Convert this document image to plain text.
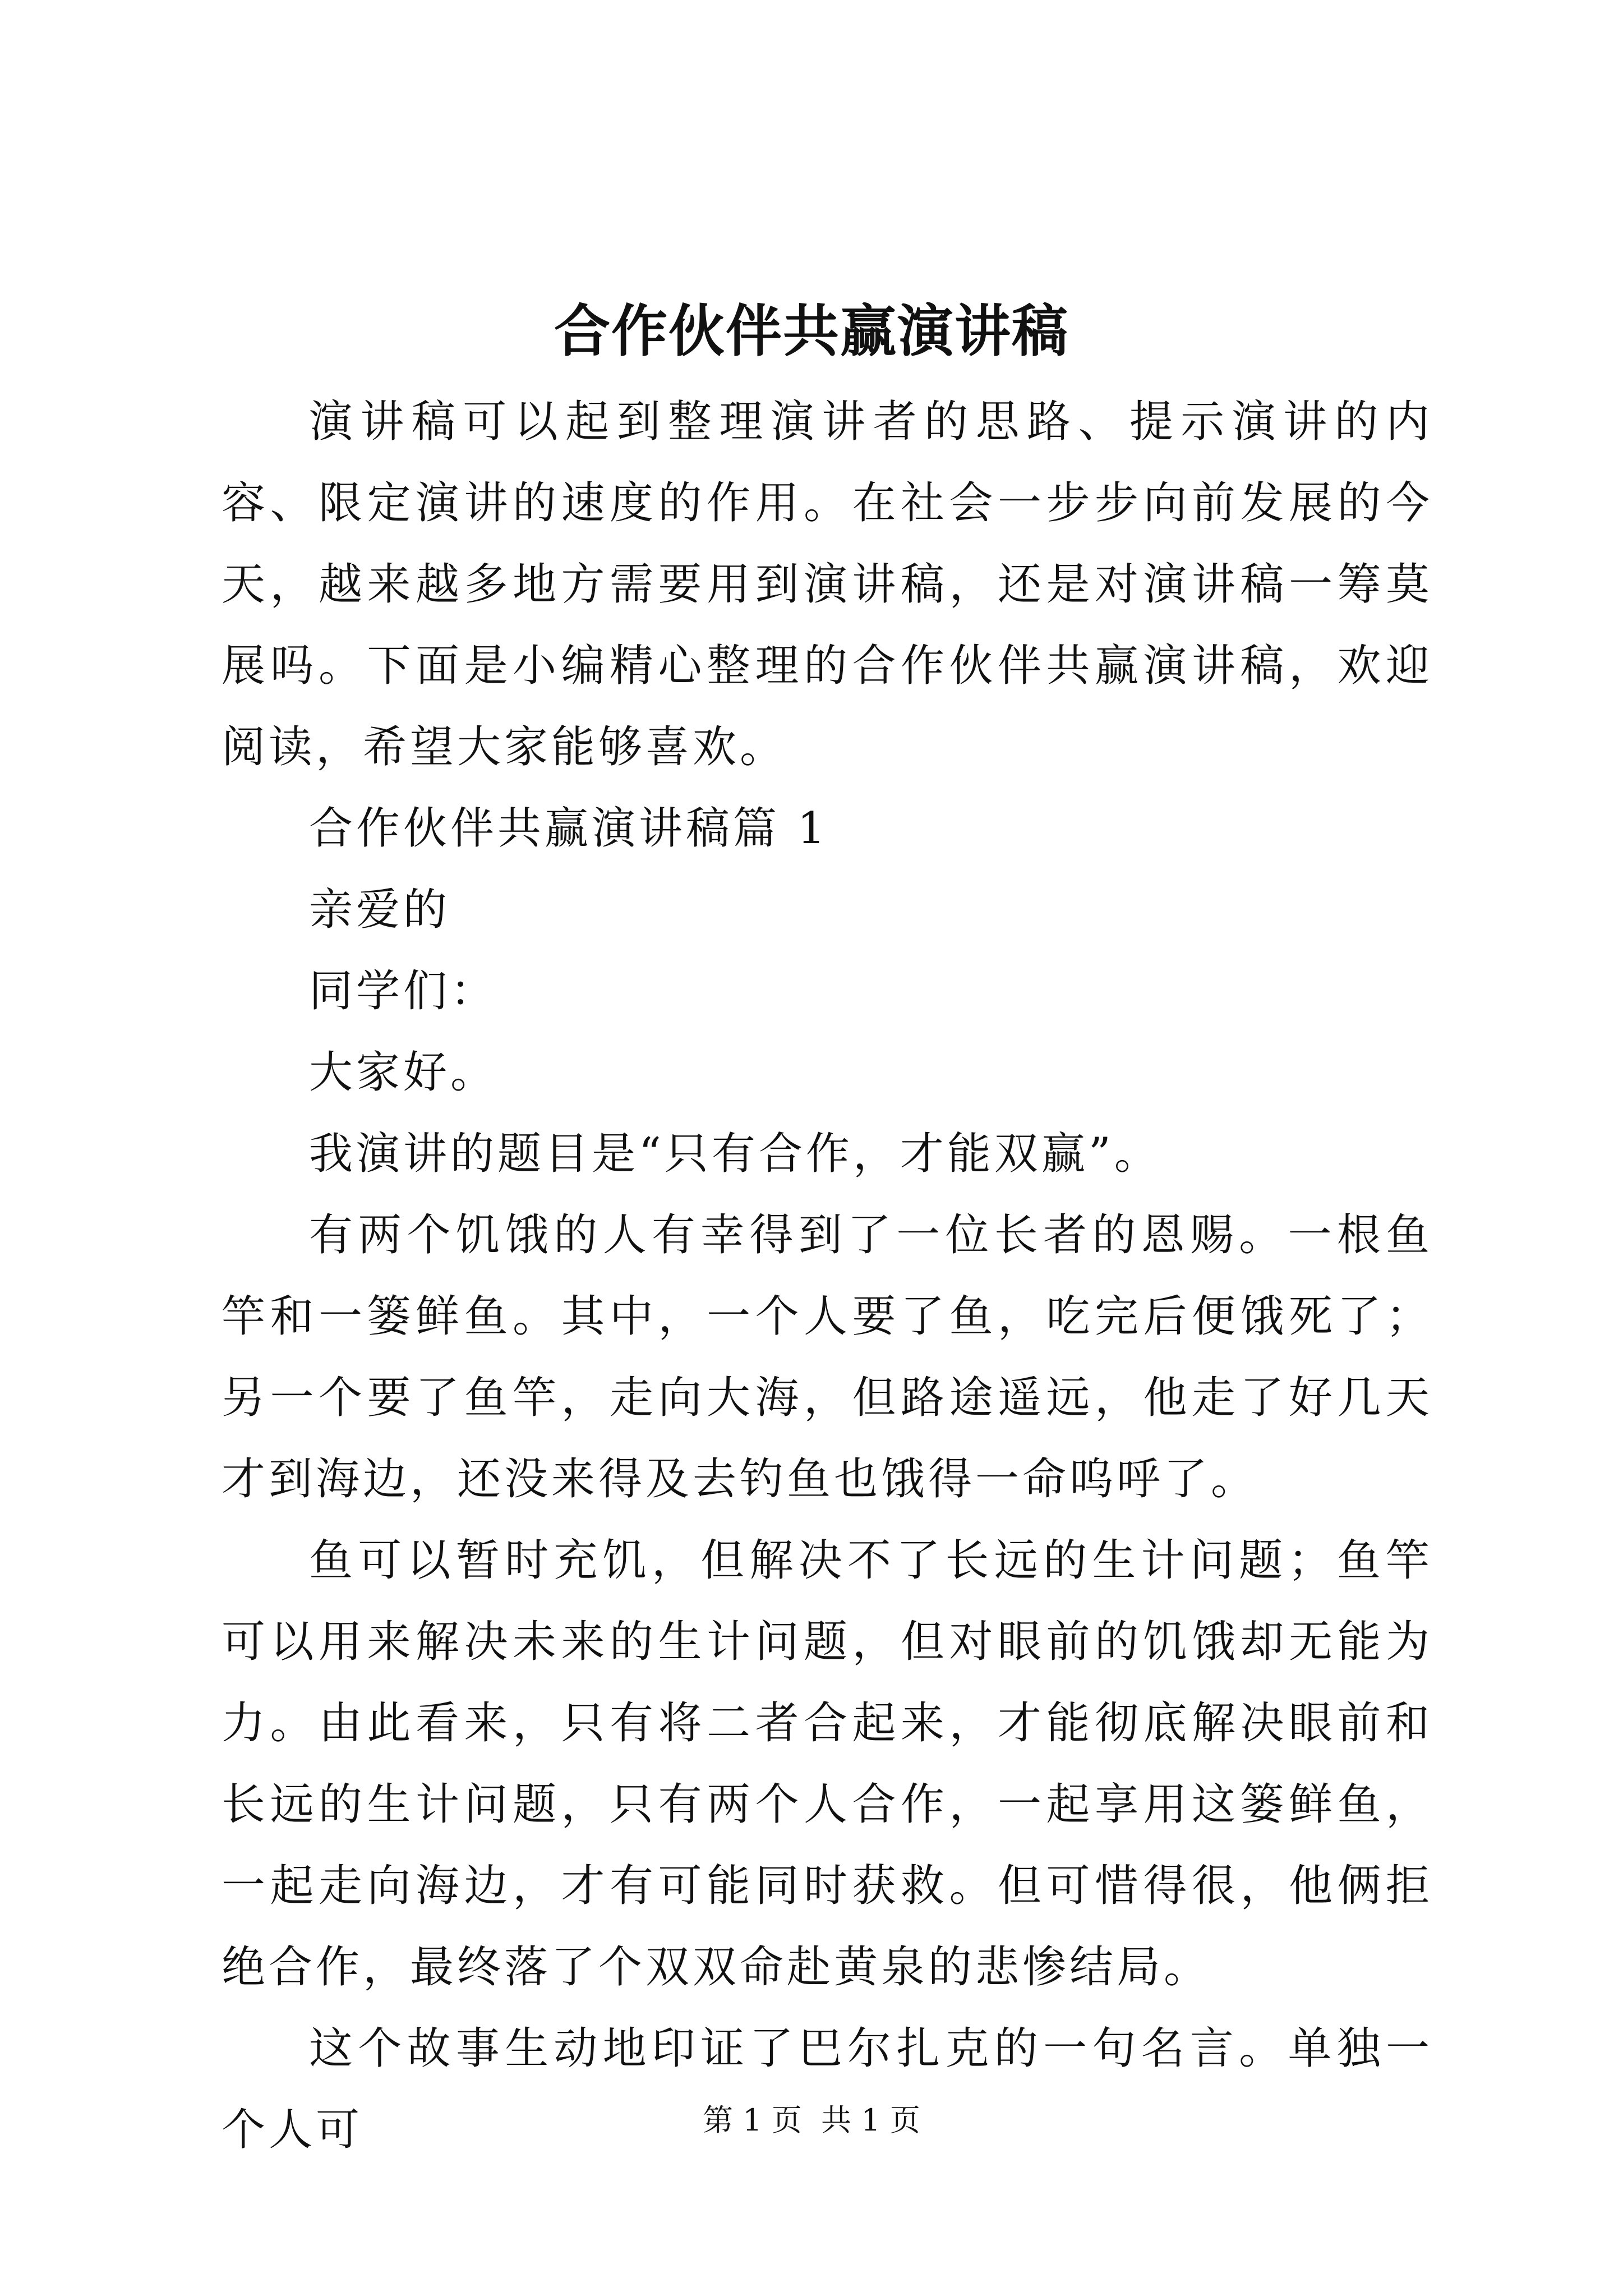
合作伙伴共赢演讲稿

演讲稿可以起到整理演讲者的思路、提示演讲的内容、限定演讲的速度的作用。在社会一步步向前发展的今天，越来越多地方需要用到演讲稿，还是对演讲稿一筹莫展吗。下面是小编精心整理的合作伙伴共赢演讲稿，欢迎阅读，希望大家能够喜欢。

合作伙伴共赢演讲稿篇 1

亲爱的

同学们：

大家好。

我演讲的题目是“只有合作，才能双赢”。

有两个饥饿的人有幸得到了一位长者的恩赐。一根鱼竿和一篓鲜鱼。其中，一个人要了鱼，吃完后便饿死了；另一个要了鱼竿，走向大海，但路途遥远，他走了好几天才到海边，还没来得及去钓鱼也饿得一命呜呼了。

鱼可以暂时充饥，但解决不了长远的生计问题；鱼竿可以用来解决未来的生计问题，但对眼前的饥饿却无能为力。由此看来，只有将二者合起来，才能彻底解决眼前和长远的生计问题，只有两个人合作，一起享用这篓鲜鱼，一起走向海边，才有可能同时获救。但可惜得很，他俩拒绝合作，最终落了个双双命赴黄泉的悲惨结局。

这个故事生动地印证了巴尔扎克的一句名言。单独一个人可	第 1 页  共 1 页
